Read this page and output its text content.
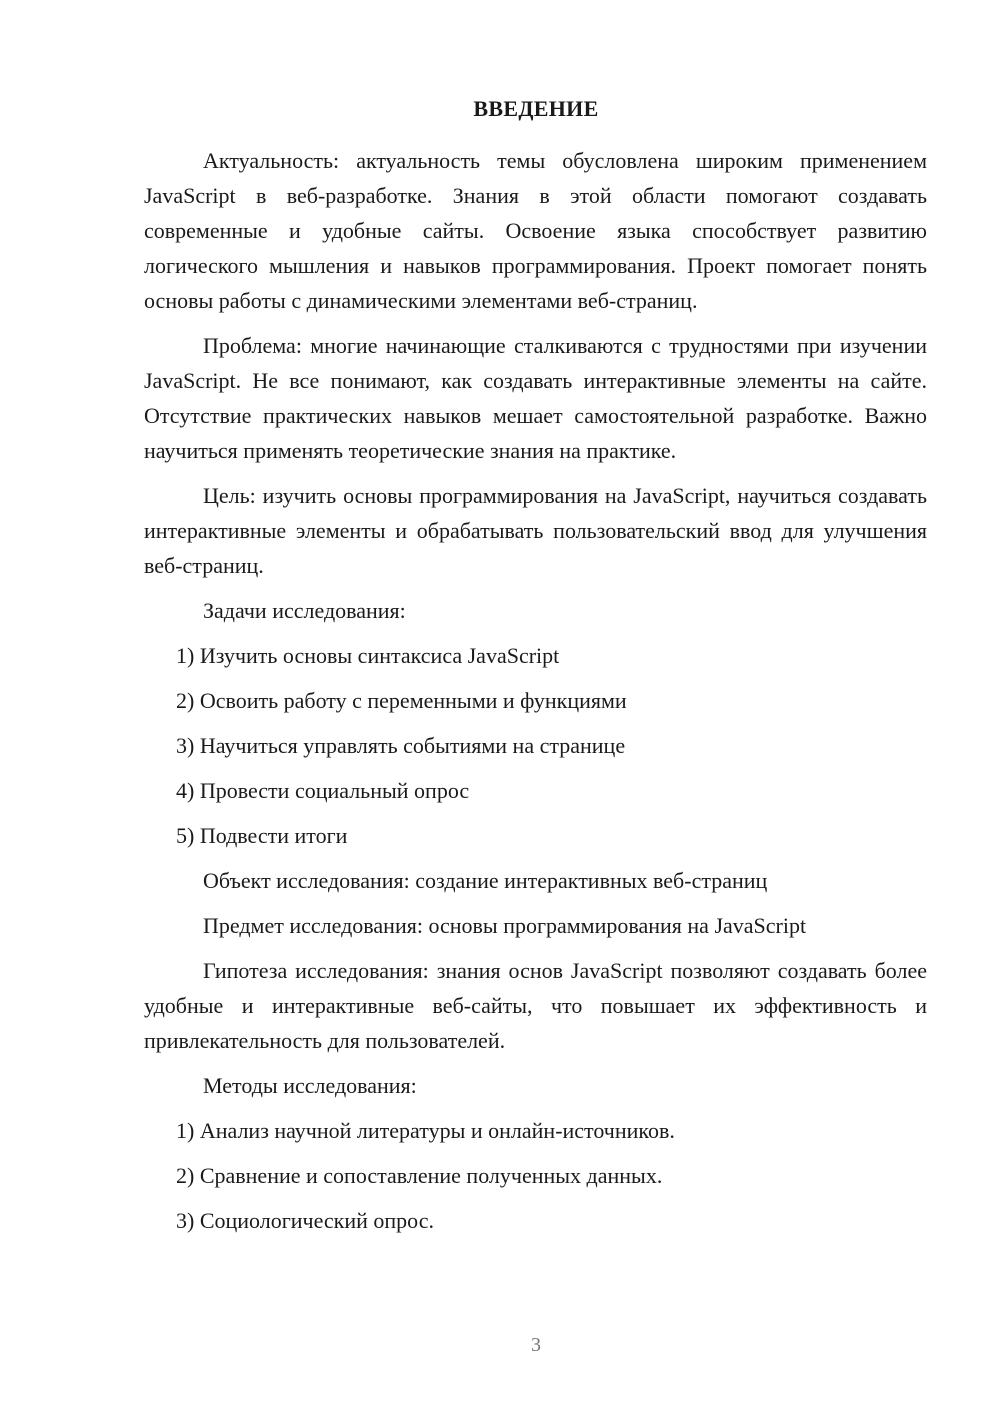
ВВЕДЕНИЕ

Актуальность: актуальность темы обусловлена широким применением JavaScript в веб-разработке. Знания в этой области помогают создавать современные и удобные сайты. Освоение языка способствует развитию логического мышления и навыков программирования. Проект помогает понять основы работы с динамическими элементами веб-страниц.

Проблема: многие начинающие сталкиваются с трудностями при изучении JavaScript. Не все понимают, как создавать интерактивные элементы на сайте. Отсутствие практических навыков мешает самостоятельной разработке. Важно научиться применять теоретические знания на практике.

Цель: изучить основы программирования на JavaScript, научиться создавать интерактивные элементы и обрабатывать пользовательский ввод для улучшения веб-страниц.

Задачи исследования:

1) Изучить основы синтаксиса JavaScript

2) Освоить работу с переменными и функциями

3) Научиться управлять событиями на странице

4) Провести социальный опрос

5) Подвести итоги

Объект исследования: создание интерактивных веб-страниц

Предмет исследования: основы программирования на JavaScript

Гипотеза исследования: знания основ JavaScript позволяют создавать более удобные и интерактивные веб-сайты, что повышает их эффективность и привлекательность для пользователей.

Методы исследования:

1) Анализ научной литературы и онлайн-источников.

2) Сравнение и сопоставление полученных данных.

3) Социологический опрос.

3
